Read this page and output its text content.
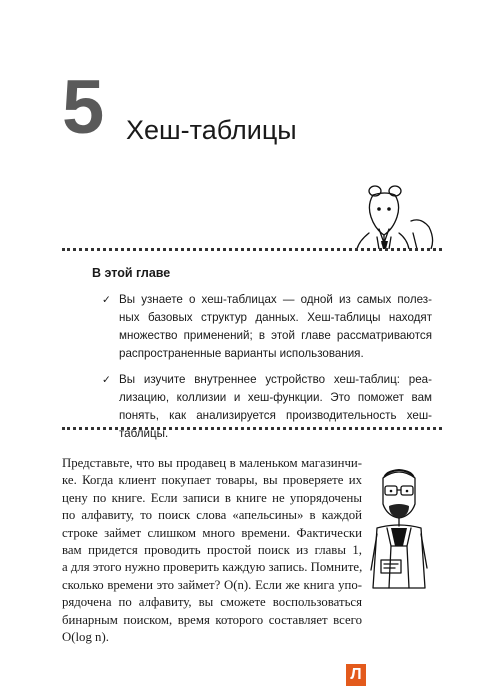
5 Хеш-таблицы
В этой главе
✓ Вы узнаете о хеш-таблицах — одной из самых полез-
ных базовых структур данных. Хеш-таблицы находят
множество применений; в этой главе рассматриваются
распространенные варианты использования.
✓ Вы изучите внутреннее устройство хеш-таблиц: реа-
лизацию, коллизии и хеш-функции. Это поможет вам
понять, как анализируется производительность хеш-
таблицы.
Представьте, что вы продавец в маленьком магазинчи-
ке. Когда клиент покупает товары, вы проверяете их
цену по книге. Если записи в книге не упорядочены
по алфавиту, то поиск слова «апельсины» в каждой
строке займет слишком много времени. Фактически
вам придется проводить простой поиск из главы 1,
а для этого нужно проверить каждую запись. Помните,
сколько времени это займет? O(n). Если же книга упо-
рядочена по алфавиту, вы сможете воспользоваться
бинарным поиском, время которого составляет всего
O(log n).
Л
